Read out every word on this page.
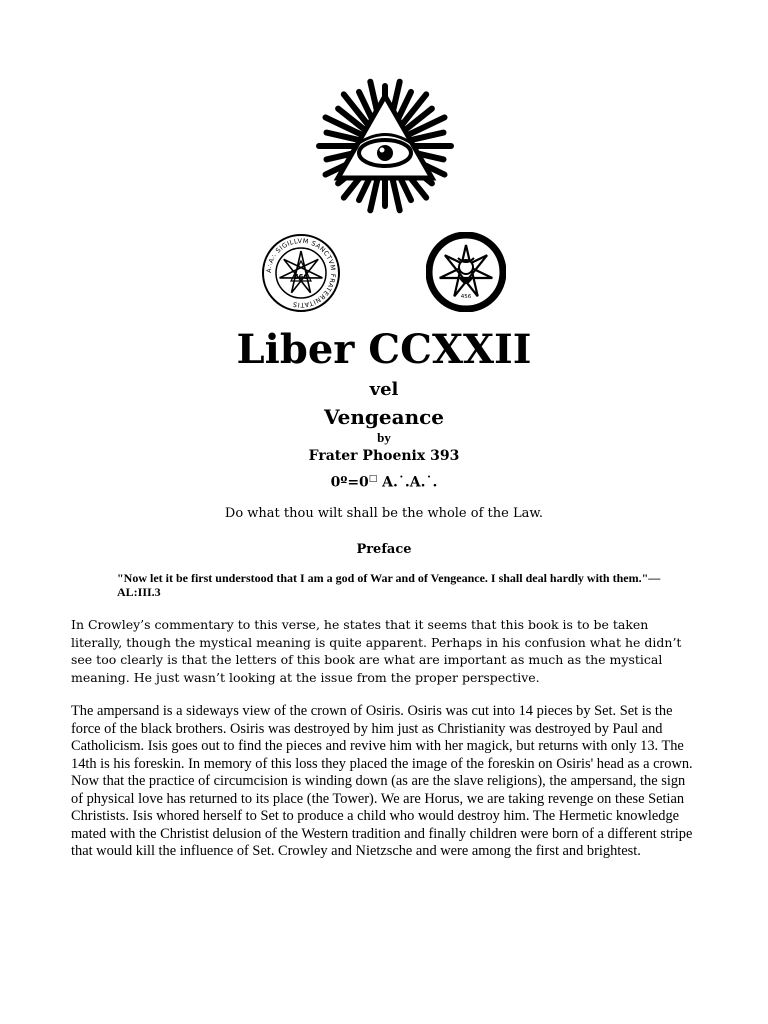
A∴A∴ SIGILLVM SANCTVM FRATERNITATIS
666
456
Liber CCXXII
vel
Vengeance
by
Frater Phoenix 393
0º=0□ A.˙.A.˙.
Do what thou wilt shall be the whole of the Law.
Preface
"Now let it be first understood that I am a god of War and of Vengeance. I shall deal hardly with them."—AL:III.3
In Crowley’s commentary to this verse, he states that it seems that this book is to be taken literally, though the mystical meaning is quite apparent. Perhaps in his confusion what he didn’t see too clearly is that the letters of this book are what are important as much as the mystical meaning. He just wasn’t looking at the issue from the proper perspective.
The ampersand is a sideways view of the crown of Osiris. Osiris was cut into 14 pieces by Set. Set is the force of the black brothers. Osiris was destroyed by him just as Christianity was destroyed by Paul and Catholicism. Isis goes out to find the pieces and revive him with her magick, but returns with only 13. The 14th is his foreskin. In memory of this loss they placed the image of the foreskin on Osiris' head as a crown. Now that the practice of circumcision is winding down (as are the slave religions), the ampersand, the sign of physical love has returned to its place (the Tower). We are Horus, we are taking revenge on these Setian Christists. Isis whored herself to Set to produce a child who would destroy him. The Hermetic knowledge mated with the Christist delusion of the Western tradition and finally children were born of a different stripe that would kill the influence of Set. Crowley and Nietzsche and were among the first and brightest.
